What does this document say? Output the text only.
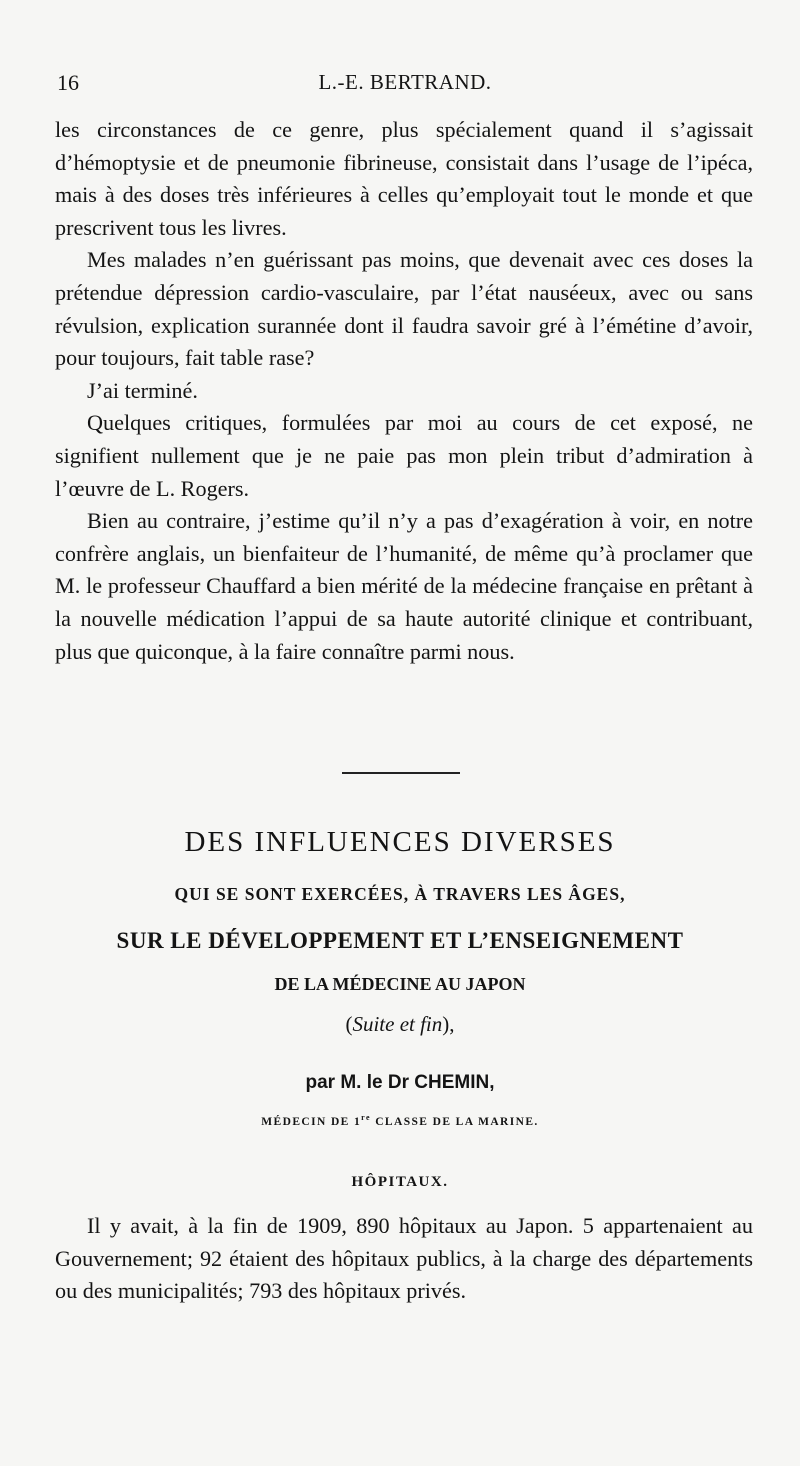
16	L.-E. BERTRAND.

les circonstances de ce genre, plus spécialement quand il s’agissait d’hémoptysie et de pneumonie fibrineuse, consistait dans l’usage de l’ipéca, mais à des doses très inférieures à celles qu’employait tout le monde et que prescrivent tous les livres.

Mes malades n’en guérissant pas moins, que devenait avec ces doses la prétendue dépression cardio-vasculaire, par l’état nauséeux, avec ou sans révulsion, explication surannée dont il faudra savoir gré à l’émétine d’avoir, pour toujours, fait table rase?

J’ai terminé.

Quelques critiques, formulées par moi au cours de cet exposé, ne signifient nullement que je ne paie pas mon plein tribut d’admiration à l’œuvre de L. Rogers.

Bien au contraire, j’estime qu’il n’y a pas d’exagération à voir, en notre confrère anglais, un bienfaiteur de l’humanité, de même qu’à proclamer que M. le professeur Chauffard a bien mérité de la médecine française en prêtant à la nouvelle médication l’appui de sa haute autorité clinique et contribuant, plus que quiconque, à la faire connaître parmi nous.

DES INFLUENCES DIVERSES
QUI SE SONT EXERCÉES, À TRAVERS LES ÂGES,
SUR LE DÉVELOPPEMENT ET L’ENSEIGNEMENT
DE LA MÉDECINE AU JAPON
(Suite et fin),
par M. le Dr CHEMIN,
MÉDECIN DE 1re CLASSE DE LA MARINE.
HÔPITAUX.

Il y avait, à la fin de 1909, 890 hôpitaux au Japon. 5 appartenaient au Gouvernement; 92 étaient des hôpitaux publics, à la charge des départements ou des municipalités; 793 des hôpitaux privés.
